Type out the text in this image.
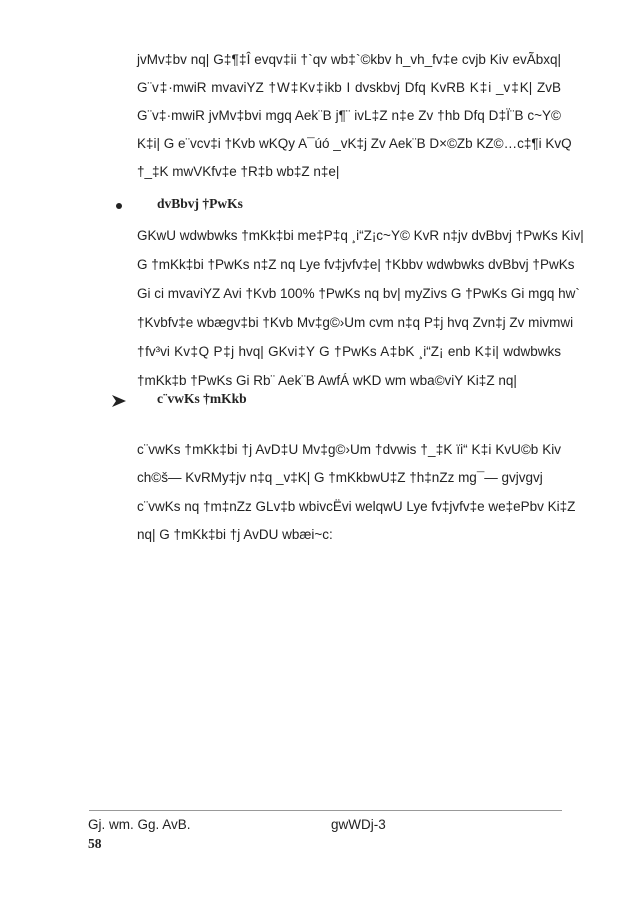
jvMv‡bv nq| G‡¶‡Î evqv‡ii †`qv wb‡`©kbv h_vh_fv‡e cvjb Kiv evÃbxq|
G¨v‡·mwiR mvaviYZ †W‡Kv‡ikb I dvskbvj Dfq KvRB K‡i _v‡K| ZvB
G¨v‡·mwiR jvMv‡bvi mgq Aek¨B j¶¨ ivL‡Z n‡e Zv †hb Dfq D‡Ï¨B c~Y©
K‡i| G e¨vcv‡i †Kvb wKQy A¯úó _vK‡j Zv Aek¨B D×©Zb KZ©…c‡¶i KvQ
†_‡K mwVKfv‡e †R‡b wb‡Z n‡e|
dvBbvj †PwKs
GKwU wdwbwks †mKk‡bi me‡P‡q ¸i“Z¡c~Y© KvR n‡jv dvBbvj †PwKs Kiv|
G †mKk‡bi †PwKs n‡Z nq Lye fv‡jvfv‡e| †Kbbv wdwbwks dvBbvj †PwKs
Gi ci mvaviYZ Avi †Kvb 100% †PwKs nq bv| myZivs G †PwKs Gi mgq hw`
†Kvbfv‡e wbægv‡bi †Kvb Mv‡g©›Um cvm n‡q P‡j hvq Zvn‡j Zv mivmwi
†fv³vi Kv‡Q P‡j hvq| GKvi‡Y G †PwKs A‡bK ¸i“Z¡ enb K‡i| wdwbwks
†mKk‡b †PwKs Gi Rb¨ Aek¨B AwfÁ wKD wm wba©viY Ki‡Z nq|
c¨vwKs †mKkb
c¨vwKs †mKk‡bi †j AvD‡U Mv‡g©›Um †dvwis †_‡K ïi“ K‡i KvU©b Kiv
ch©š— KvRMy‡jv n‡q _v‡K| G †mKkbwU‡Z †h‡nZz mg¯— gvjvgvj
c¨vwKs nq †m‡nZz GLv‡b wbivcËvi welqwU Lye fv‡jvfv‡e we‡ePbv Ki‡Z
nq| G †mKk‡bi †j AvDU wbæi~c:
Gj. wm. Gg. AvB.	gwWDj-3
58
